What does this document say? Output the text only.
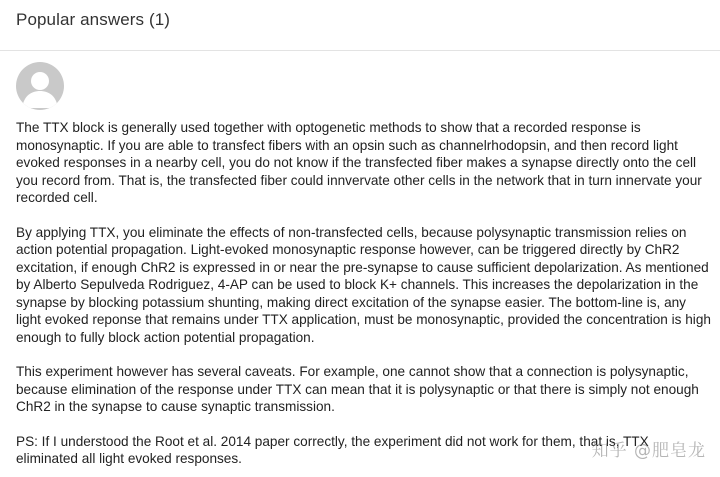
Popular answers (1)

The TTX block is generally used together with optogenetic methods to show that a recorded response is monosynaptic. If you are able to transfect fibers with an opsin such as channelrhodopsin, and then record light evoked responses in a nearby cell, you do not know if the transfected fiber makes a synapse directly onto the cell you record from. That is, the transfected fiber could innvervate other cells in the network that in turn innervate your recorded cell.

By applying TTX, you eliminate the effects of non-transfected cells, because polysynaptic transmission relies on action potential propagation. Light-evoked monosynaptic response however, can be triggered directly by ChR2 excitation, if enough ChR2 is expressed in or near the pre-synapse to cause sufficient depolarization. As mentioned by Alberto Sepulveda Rodriguez, 4-AP can be used to block K+ channels. This increases the depolarization in the synapse by blocking potassium shunting, making direct excitation of the synapse easier. The bottom-line is, any light evoked reponse that remains under TTX application, must be monosynaptic, provided the concentration is high enough to fully block action potential propagation.

This experiment however has several caveats. For example, one cannot show that a connection is polysynaptic, because elimination of the response under TTX can mean that it is polysynaptic or that there is simply not enough ChR2 in the synapse to cause synaptic transmission.

PS: If I understood the Root et al. 2014 paper correctly, the experiment did not work for them, that is, TTX eliminated all light evoked responses.	知乎 @肥皂龙
